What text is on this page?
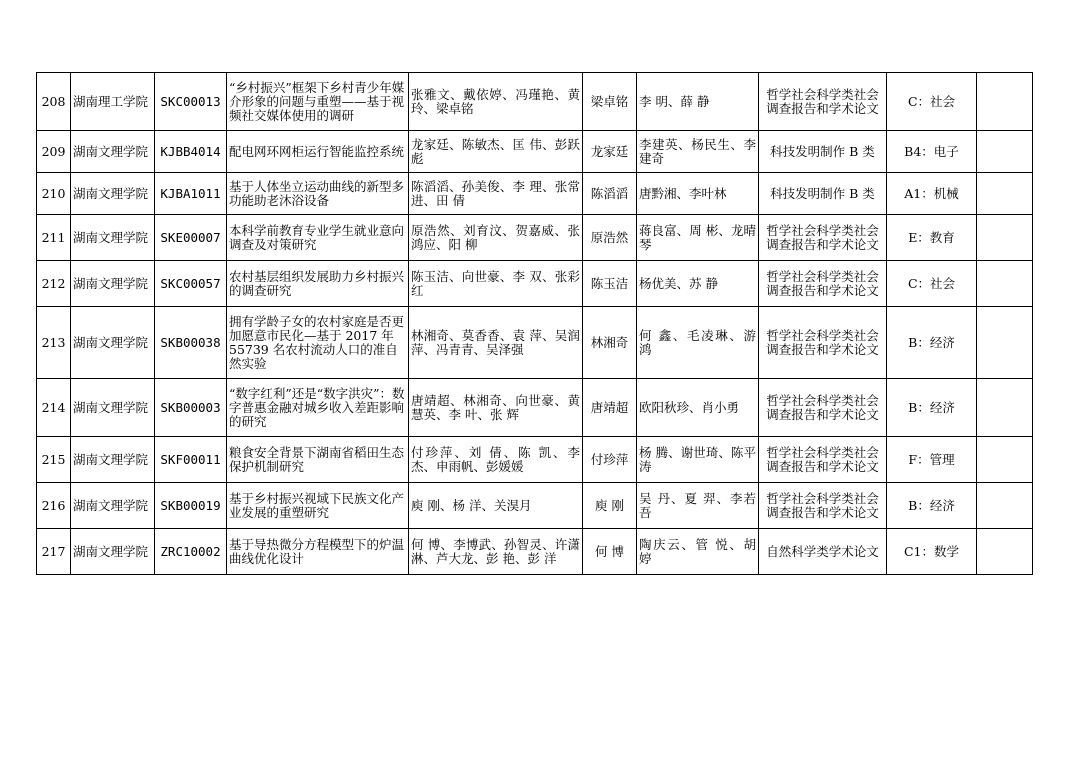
208	湖南理工学院	SKC00013	“乡村振兴”框架下乡村青少年媒介形象的问题与重塑——基于视频社交媒体使用的调研	张雅文、戴依婷、冯瑾艳、黄 玲、梁卓铭	梁卓铭	李 明、薛 静	哲学社会科学类社会调查报告和学术论文	C：社会	
209	湖南文理学院	KJBB4014	配电网环网柜运行智能监控系统	龙家廷、陈敏杰、匡 伟、彭跃彪	龙家廷	李建英、杨民生、李建奇	科技发明制作 B 类	B4：电子	
210	湖南文理学院	KJBA1011	基于人体坐立运动曲线的新型多功能助老沐浴设备	陈滔滔、孙美俊、李 理、张常进、田 倩	陈滔滔	唐黔湘、李叶林	科技发明制作 B 类	A1：机械	
211	湖南文理学院	SKE00007	本科学前教育专业学生就业意向调查及对策研究	原浩然、刘育汶、贺嘉威、张鸿应、阳 柳	原浩然	蒋良富、周 彬、龙晴琴	哲学社会科学类社会调查报告和学术论文	E：教育	
212	湖南文理学院	SKC00057	农村基层组织发展助力乡村振兴的调查研究	陈玉洁、向世豪、李 双、张彩红	陈玉洁	杨优美、苏 静	哲学社会科学类社会调查报告和学术论文	C：社会	
213	湖南文理学院	SKB00038	拥有学龄子女的农村家庭是否更加愿意市民化—基于 2017 年 55739 名农村流动人口的准自然实验	林湘奇、莫香香、袁 萍、吴润萍、冯青青、吴泽强	林湘奇	何 鑫、毛凌琳、游 鸿	哲学社会科学类社会调查报告和学术论文	B：经济	
214	湖南文理学院	SKB00003	“数字红利”还是“数字洪灾”：数字普惠金融对城乡收入差距影响的研究	唐靖超、林湘奇、向世豪、黄慧英、李 叶、张 辉	唐靖超	欧阳秋珍、肖小勇	哲学社会科学类社会调查报告和学术论文	B：经济	
215	湖南文理学院	SKF00011	粮食安全背景下湖南省稻田生态保护机制研究	付珍萍、刘 倩、陈 凯、李 杰、申雨帆、彭媛媛	付珍萍	杨 腾、谢世琦、陈平涛	哲学社会科学类社会调查报告和学术论文	F：管理	
216	湖南文理学院	SKB00019	基于乡村振兴视域下民族文化产业发展的重塑研究	庾 刚、杨 洋、关淏月	庾 刚	吴 丹、夏 羿、李若吾	哲学社会科学类社会调查报告和学术论文	B：经济	
217	湖南文理学院	ZRC10002	基于导热微分方程模型下的炉温曲线优化设计	何 博、李博武、孙智灵、许潇淋、芦大龙、彭 艳、彭 洋	何 博	陶庆云、管 悦、胡 婷	自然科学类学术论文	C1：数学	
